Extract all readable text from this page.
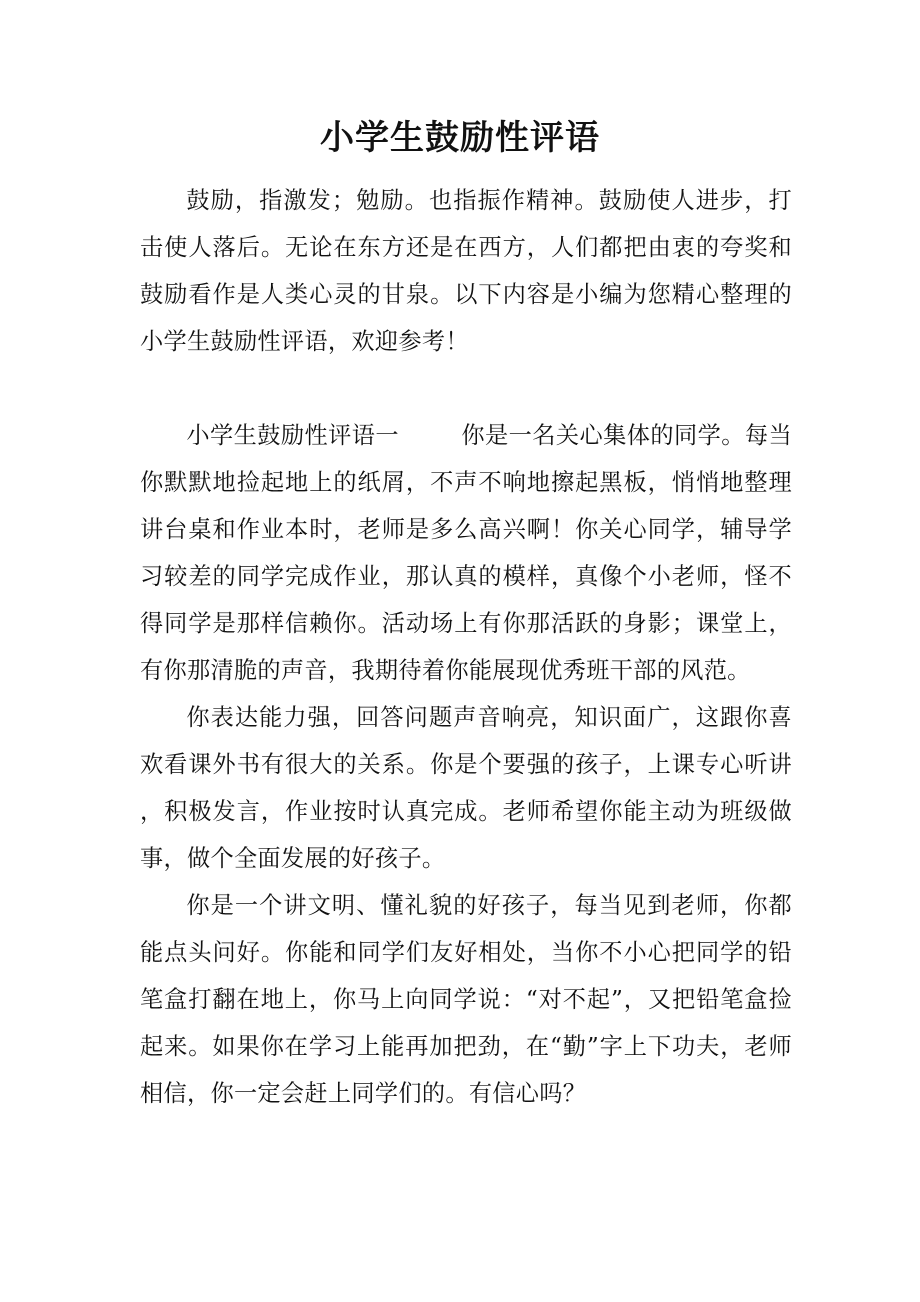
小学生鼓励性评语

鼓励，指激发；勉励。也指振作精神。鼓励使人进步，打击使人落后。无论在东方还是在西方，人们都把由衷的夸奖和鼓励看作是人类心灵的甘泉。以下内容是小编为您精心整理的小学生鼓励性评语，欢迎参考！

小学生鼓励性评语一	你是一名关心集体的同学。每当你默默地捡起地上的纸屑，不声不响地擦起黑板，悄悄地整理讲台桌和作业本时，老师是多么高兴啊！你关心同学，辅导学习较差的同学完成作业，那认真的模样，真像个小老师，怪不得同学是那样信赖你。活动场上有你那活跃的身影；课堂上，有你那清脆的声音，我期待着你能展现优秀班干部的风范。

你表达能力强，回答问题声音响亮，知识面广，这跟你喜欢看课外书有很大的关系。你是个要强的孩子，上课专心听讲，积极发言，作业按时认真完成。老师希望你能主动为班级做事，做个全面发展的好孩子。

你是一个讲文明、懂礼貌的好孩子，每当见到老师，你都能点头问好。你能和同学们友好相处，当你不小心把同学的铅笔盒打翻在地上，你马上向同学说：“对不起”，又把铅笔盒捡起来。如果你在学习上能再加把劲，在“勤”字上下功夫，老师相信，你一定会赶上同学们的。有信心吗？
